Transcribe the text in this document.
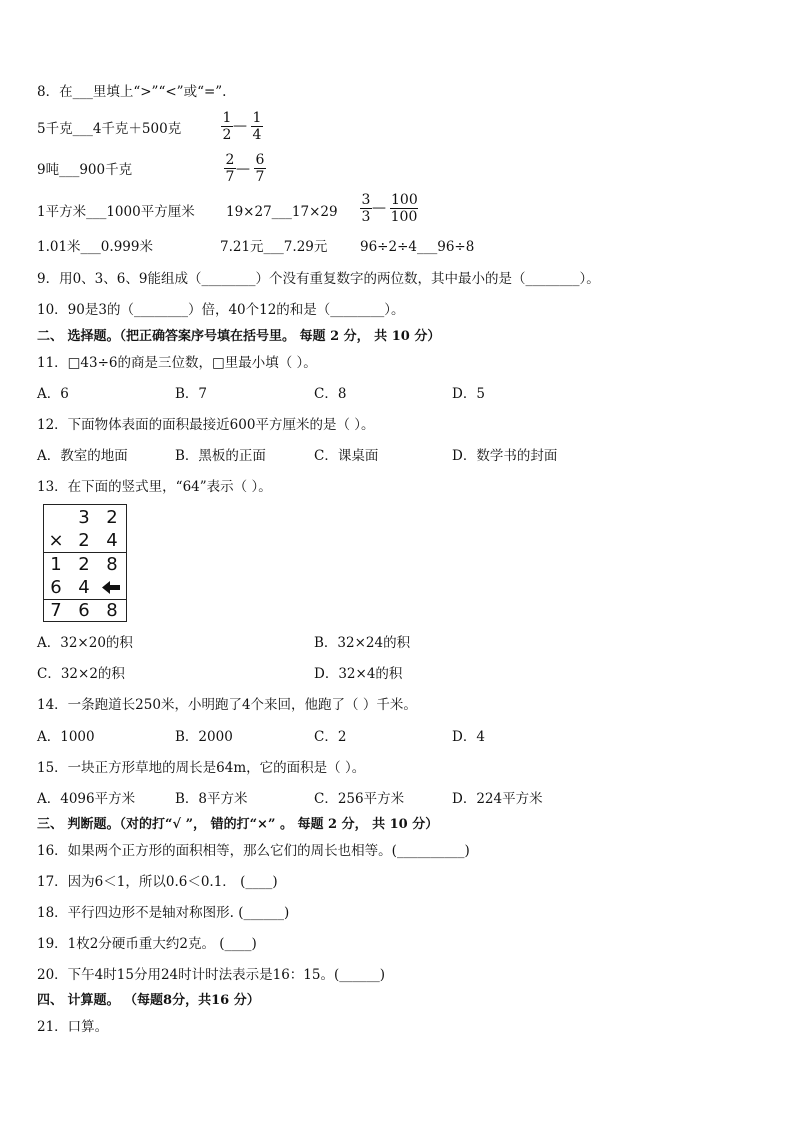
8．在___里填上“>”“<”或“=”.
5千克___4千克＋500克	$\frac{1}{2}$ — $\frac{1}{4}$
9吨___900千克	$\frac{2}{7}$ — $\frac{6}{7}$
1平方米___1000平方厘米 19×27___17×29 $\frac{3}{3}$ — $\frac{100}{100}$
1.01米___0.999米	7.21元___7.29元 96÷2÷4___96÷8
9．用0、3、6、9能组成（________）个没有重复数字的两位数，其中最小的是（________）。
10．90是3的（________）倍，40个12的和是（________）。
二、 选择题。（把正确答案序号填在括号里。 每题 2 分， 共 10 分）
11．□43÷6的商是三位数，□里最小填（ ）。
A．6	B．7	C．8	D．5
12．下面物体表面的面积最接近600平方厘米的是（ ）。
A．教室的地面	B．黑板的正面	C．课桌面	D．数学书的封面
13．在下面的竖式里，“64”表示（ ）。
3 2
× 2 4
1 2 8
6 4
7 6 8
A．32×20的积	B．32×24的积
C．32×2的积	D．32×4的积
14．一条跑道长250米，小明跑了4个来回，他跑了（ ）千米。
A．1000	B．2000	C．2	D．4
15．一块正方形草地的周长是64m，它的面积是（ ）。
A．4096平方米	B．8平方米	C．256平方米	D．224平方米
三、 判断题。（对的打“√ ”， 错的打“×” 。 每题 2 分， 共 10 分）
16．如果两个正方形的面积相等，那么它们的周长也相等。(__________)
17．因为6＜1，所以0.6＜0.1． (____)
18．平行四边形不是轴对称图形. (______)
19．1枚2分硬币重大约2克。 (____)
20．下午4时15分用24时计时法表示是16：15。(______)
四、 计算题。 （每题8分，共16 分）
21．口算。
